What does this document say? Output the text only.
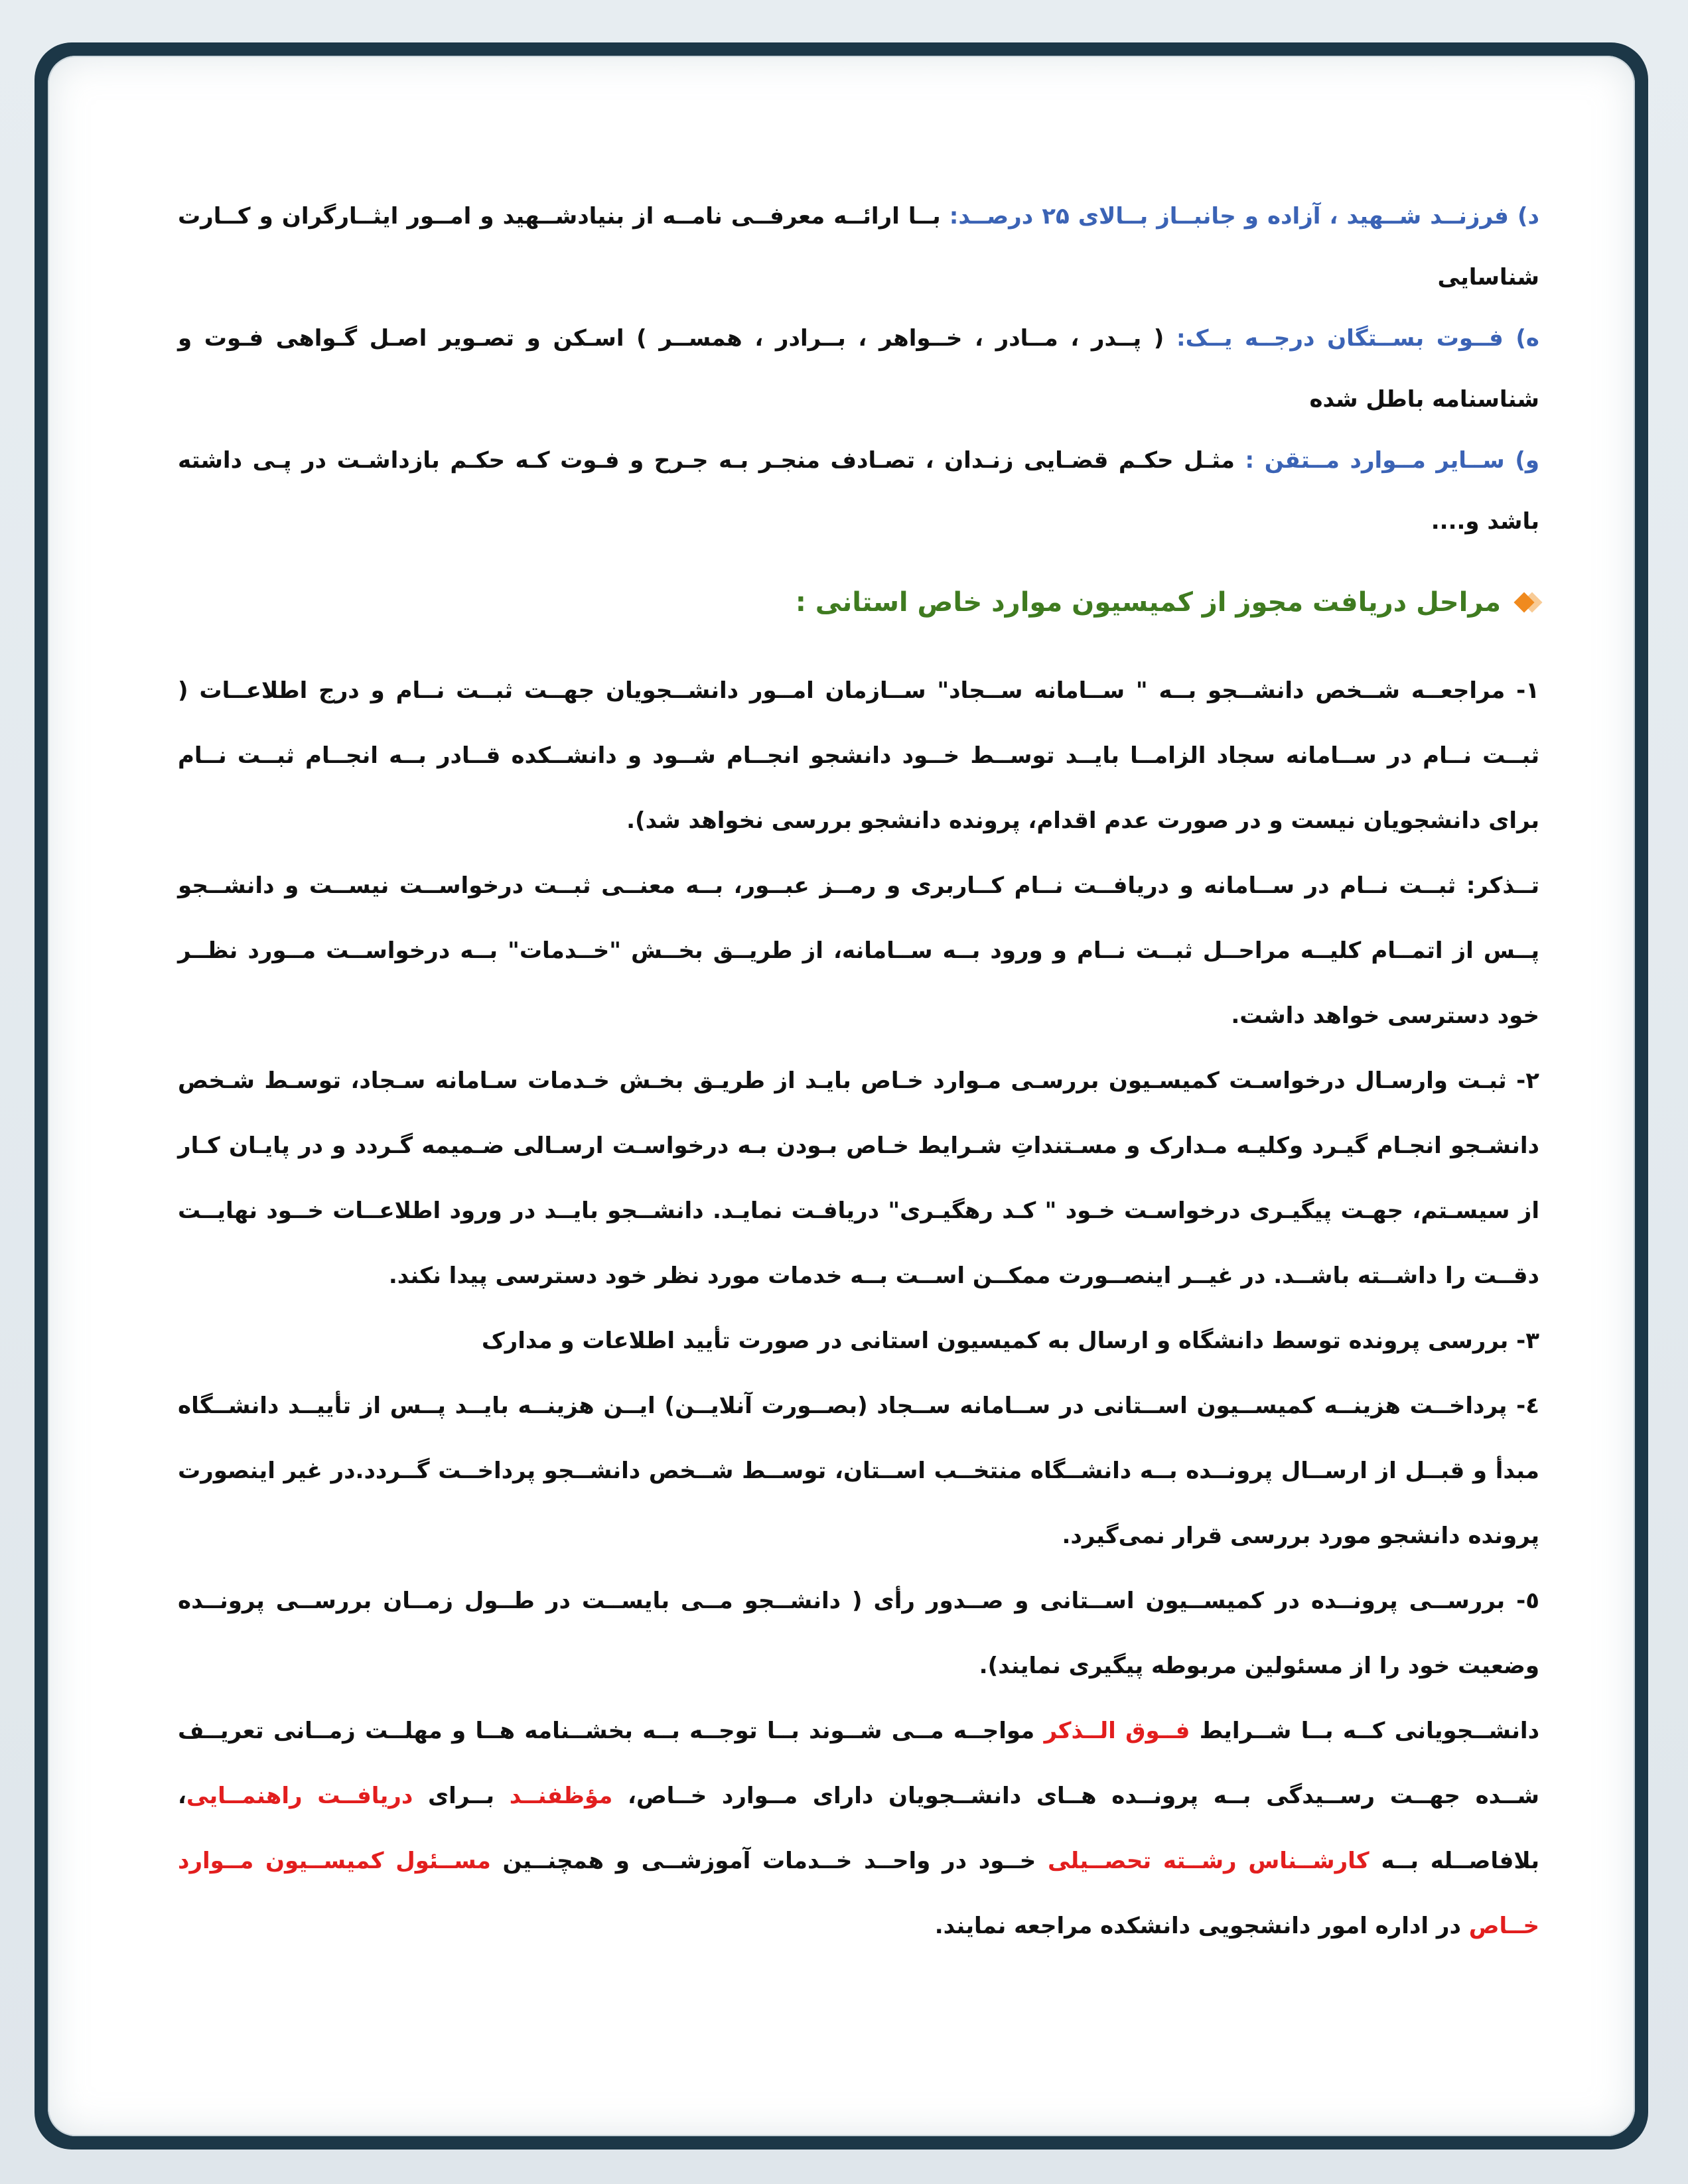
د) فرزنــد شــهيد ، آزاده و جانبــاز بــالای ۲۵ درصــد: بــا ارائــه معرفــی نامــه از بنيادشــهيد و امــور ايثــارگران و كــارت شناسايی

ه) فــوت بســتگان درجــه يــک: ( پــدر ، مــادر ، خــواهر ، بــرادر ، همســر ) اسـکن و تصـوير اصـل گـواهی فـوت و شناسنامه باطل شده

و) ســاير مــوارد مــتقن : مثـل حكـم قضـايی زنـدان ، تصـادف منجـر بـه جـرح و فـوت کـه حكـم بازداشـت در پـی داشته باشد و....

مراحل دريافت مجوز از کميسيون موارد خاص استانی :

١- مراجعــه شــخص دانشــجو بــه " ســامانه ســجاد" ســازمان امــور دانشــجويان جهــت ثبــت نــام و درج اطلاعــات ( ثبــت نــام در ســامانه سجاد الزامــا بايــد توســط خــود دانشجو انجــام شــود و دانشــكده قــادر بــه انجــام ثبــت نــام برای دانشجويان نيست و در صورت عدم اقدام، پرونده دانشجو بررسی نخواهد شد).

تــذکر: ثبــت نــام در ســامانه و دريافــت نــام كــاربری و رمــز عبــور، بــه معنــی ثبــت درخواســت نيســت و دانشــجو پــس از اتمــام كليــه مراحــل ثبــت نــام و ورود بــه ســامانه، از طريــق بخــش "خــدمات" بــه درخواســت مــورد نظــر خود دسترسی خواهد داشت.

٢- ثبـت وارسـال درخواسـت كميسـيون بررسـی مـوارد خـاص بايـد از طريـق بخـش خـدمات سـامانه سـجاد، توسـط شـخص دانشـجو انجـام گيـرد وكليـه مـدارک و مسـتنداتِ شـرايط خـاص بـودن بـه درخواسـت ارسـالی ضـميمه گـردد و در پايـان كـار از سيسـتم، جهـت پيگيـری درخواسـت خـود " كـد رهگيـری" دريافـت نمايـد. دانشــجو بايــد در ورود اطلاعــات خــود نهايــت دقــت را داشــته باشــد. در غيــر اينصــورت ممكــن اســت بــه خدمات مورد نظر خود دسترسی پيدا نكند.

٣- بررسی پرونده توسط دانشگاه و ارسال به كميسيون استانی در صورت تأييد اطلاعات و مدارک

٤- پرداخــت هزينــه كميســيون اســتانی در ســامانه ســجاد (بصــورت آنلايــن) ايــن هزينــه بايــد پــس از تأييــد دانشــگاه مبدأ و قبــل از ارســال پرونــده بــه دانشــگاه منتخــب اســتان، توســط شــخص دانشــجو پرداخــت گــردد.در غير اينصورت پرونده دانشجو مورد بررسی قرار نمی‌گيرد.

٥- بررســی پرونــده در كميســيون اســتانی و صــدور رأی ( دانشــجو مــی بايســت در طــول زمــان بررســی پرونــده وضعيت خود را از مسئولين مربوطه پيگيری نمايند).

دانشــجويانی كــه بــا شــرايط فــوق الــذکر مواجــه مــی شــوند بــا توجــه بــه بخشــنامه هــا و مهلــت زمــانی تعريــف شــده جهــت رســيدگی بــه پرونــده هــای دانشــجويان دارای مــوارد خــاص، مؤظفنــد بــرای دريافــت راهنمــايی، بلافاصــله بــه كارشــناس رشــته تحصــيلی خــود در واحــد خــدمات آموزشــی و همچنــين مســئول كميســيون مــوارد خــاص در اداره امور دانشجويی دانشكده مراجعه نمايند.
